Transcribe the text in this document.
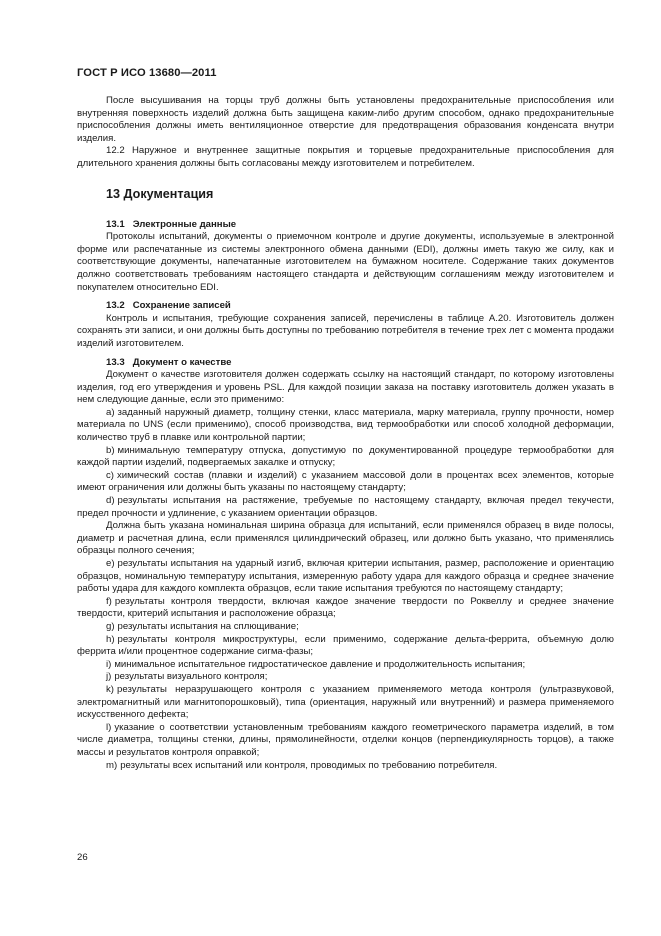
ГОСТ Р ИСО 13680—2011

После высушивания на торцы труб должны быть установлены предохранительные приспособления или внутренняя поверхность изделий должна быть защищена каким-либо другим способом, однако предохранительные приспособления должны иметь вентиляционное отверстие для предотвращения образования конденсата внутри изделия.

12.2 Наружное и внутреннее защитные покрытия и торцевые предохранительные приспособления для длительного хранения должны быть согласованы между изготовителем и потребителем.

13 Документация
13.1 Электронные данные

Протоколы испытаний, документы о приемочном контроле и другие документы, используемые в электронной форме или распечатанные из системы электронного обмена данными (EDI), должны иметь такую же силу, как и соответствующие документы, напечатанные изготовителем на бумажном носителе. Содержание таких документов должно соответствовать требованиям настоящего стандарта и действующим соглашениям между изготовителем и покупателем относительно EDI.

13.2 Сохранение записей

Контроль и испытания, требующие сохранения записей, перечислены в таблице А.20. Изготовитель должен сохранять эти записи, и они должны быть доступны по требованию потребителя в течение трех лет с момента продажи изделий изготовителем.

13.3 Документ о качестве

Документ о качестве изготовителя должен содержать ссылку на настоящий стандарт, по которому изготовлены изделия, год его утверждения и уровень PSL. Для каждой позиции заказа на поставку изготовитель должен указать в нем следующие данные, если это применимо:

a) заданный наружный диаметр, толщину стенки, класс материала, марку материала, группу прочности, номер материала по UNS (если применимо), способ производства, вид термообработки или способ холодной деформации, количество труб в плавке или контрольной партии;

b) минимальную температуру отпуска, допустимую по документированной процедуре термообработки для каждой партии изделий, подвергаемых закалке и отпуску;

c) химический состав (плавки и изделий) с указанием массовой доли в процентах всех элементов, которые имеют ограничения или должны быть указаны по настоящему стандарту;

d) результаты испытания на растяжение, требуемые по настоящему стандарту, включая предел текучести, предел прочности и удлинение, с указанием ориентации образцов.

Должна быть указана номинальная ширина образца для испытаний, если применялся образец в виде полосы, диаметр и расчетная длина, если применялся цилиндрический образец, или должно быть указано, что применялись образцы полного сечения;

e) результаты испытания на ударный изгиб, включая критерии испытания, размер, расположение и ориентацию образцов, номинальную температуру испытания, измеренную работу удара для каждого образца и среднее значение работы удара для каждого комплекта образцов, если такие испытания требуются по настоящему стандарту;

f) результаты контроля твердости, включая каждое значение твердости по Роквеллу и среднее значение твердости, критерий испытания и расположение образца;

g) результаты испытания на сплющивание;

h) результаты контроля микроструктуры, если применимо, содержание дельта-феррита, объемную долю феррита и/или процентное содержание сигма-фазы;

i) минимальное испытательное гидростатическое давление и продолжительность испытания;

j) результаты визуального контроля;

k) результаты неразрушающего контроля с указанием применяемого метода контроля (ультразвуковой, электромагнитный или магнитопорошковый), типа (ориентация, наружный или внутренний) и размера применяемого искусственного дефекта;

l) указание о соответствии установленным требованиям каждого геометрического параметра изделий, в том числе диаметра, толщины стенки, длины, прямолинейности, отделки концов (перпендикулярность торцов), а также массы и результатов контроля оправкой;

m) результаты всех испытаний или контроля, проводимых по требованию потребителя.

26
